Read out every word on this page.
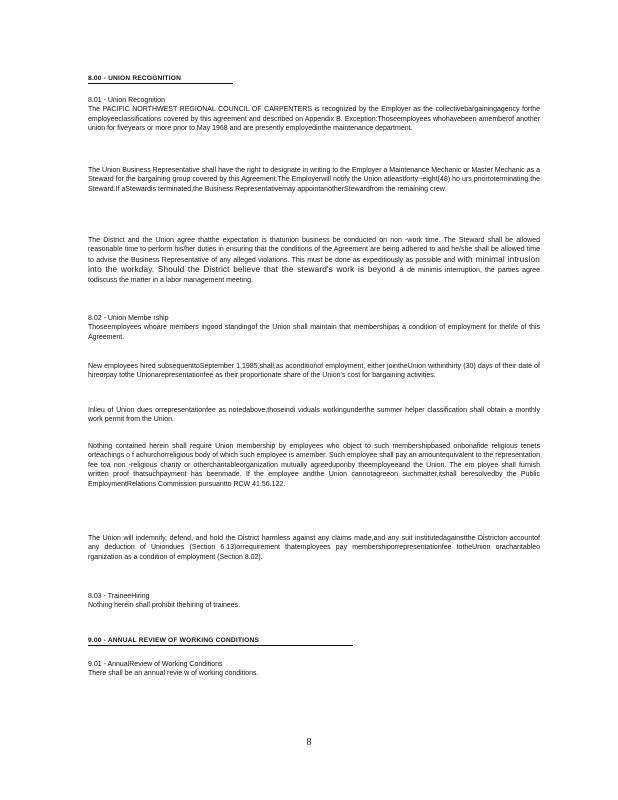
8.00 - UNION RECOGNITION
8.01 - Union Recognition
The PACIFIC NORTHWEST REGIONAL COUNCIL OF CARPENTERS is recognized by the Employer as the collectivebargainingagency forthe employeeclassifications covered by this agreement and described on Appendix B. Exception:Thoseemployees whohavebeen amemberof another union for fiveyears or more prior to May 1968 and are presently employedinthe maintenance department.
The Union Business Representative shall have the right to designate in writing to the Employer a Maintenance Mechanic or Master Mechanic as a Steward for the bargaining group covered by this Agreement.The Employerwill notify the Union atleastforty -eight(48) ho urs priortoterminating the Steward.If aStewardis terminated,the Business Representativemay appointanotherStewardfrom the remaining crew.
The District and the Union agree thatthe expectation is thatunion business be conducted on non -work time. The Steward shall be allowed reasonable time to perform his/her duties in ensuring that the conditions of the Agreement are being adhered to and he/she shall be allowed time to advise the Business Representative of any alleged violations. This must be done as expeditiously as possible and with minimal intrusion into the workday. Should the District believe that the steward's work is beyond a de minimis interruption, the parties agree todiscuss the matter in a labor management meeting.
8.02 - Union Membe rship
Thoseemployees whoare members ingood standingof the Union shall maintain that membershipas a condition of employment for thelife of this Agreement.
New employees hired subsequenttoSeptember 1,1985,shall,as aconditionof employment, either jointheUnion withinthirty (30) days of their date of hireorpay tothe Unionarepresentationfee as their proportionate share of the Union's cost for bargaining activities.
Inlieu of Union dues orrepresentationfee as notedabove,thoseindi viduals workingunderthe summer helper classification shall obtain a monthly work permit from the Union.
Nothing contained herein shall require Union membership by employees who object to such membershipbased onbonafide religious tenets orteachings o f achurchorreligious body of which such employee is amember. Such employee shall pay an amountequivalent to the representation fee toa non -religious charity or othercharitableorganization mutually agreeduponby theemployeeand the Union. The em ployee shall furnish written proof thatsuchpayment has beenmade. If the employee andthe Union cannotagreeon suchmatter,itshall beresolvedby the Public EmploymentRelations Commission pursuantto RCW 41.56.122.
The Union will indemnify, defend, and hold the District harmless against any claims made,and any suit institutedagainstthe Districton accountof any deduction of Uniondues (Section 6.13)orrequirement thatemployees pay membershiporrepresentationfee totheUnion oracharitableo rganization as a condition of employment (Section 8.02).
8.03 - TraineeHiring
Nothing herein shall prohibit thehiring of trainees.
9.00 - ANNUAL REVIEW OF WORKING CONDITIONS
9.01 - AnnualReview of Working Conditions
There shall be an annual revie w of working conditions.
8
